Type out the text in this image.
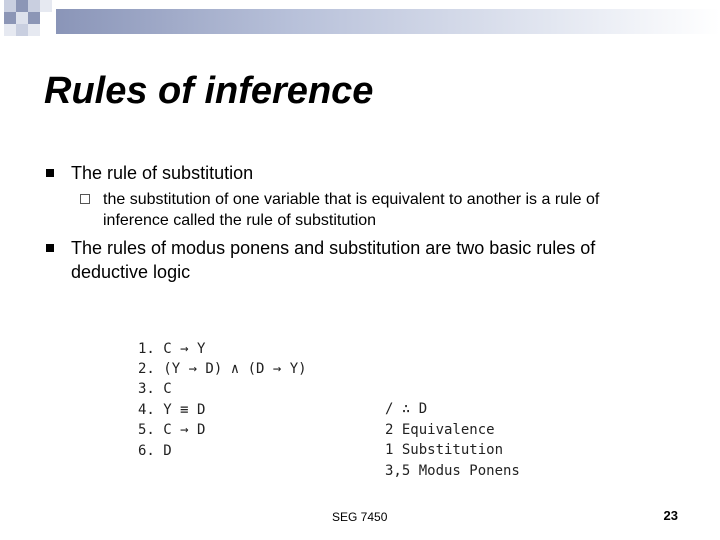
Rules of inference

The rule of substitution

the substitution of one variable that is equivalent to another is a rule of

inference called the rule of substitution

The rules of modus ponens and substitution are two basic rules of

deductive logic

1. C → Y

2. (Y → D) ∧ (D → Y)

3. C

/ ∴ D

4. Y ≡ D

2 Equivalence

5. C → D

1 Substitution

6. D

3,5 Modus Ponens

SEG 7450	23
